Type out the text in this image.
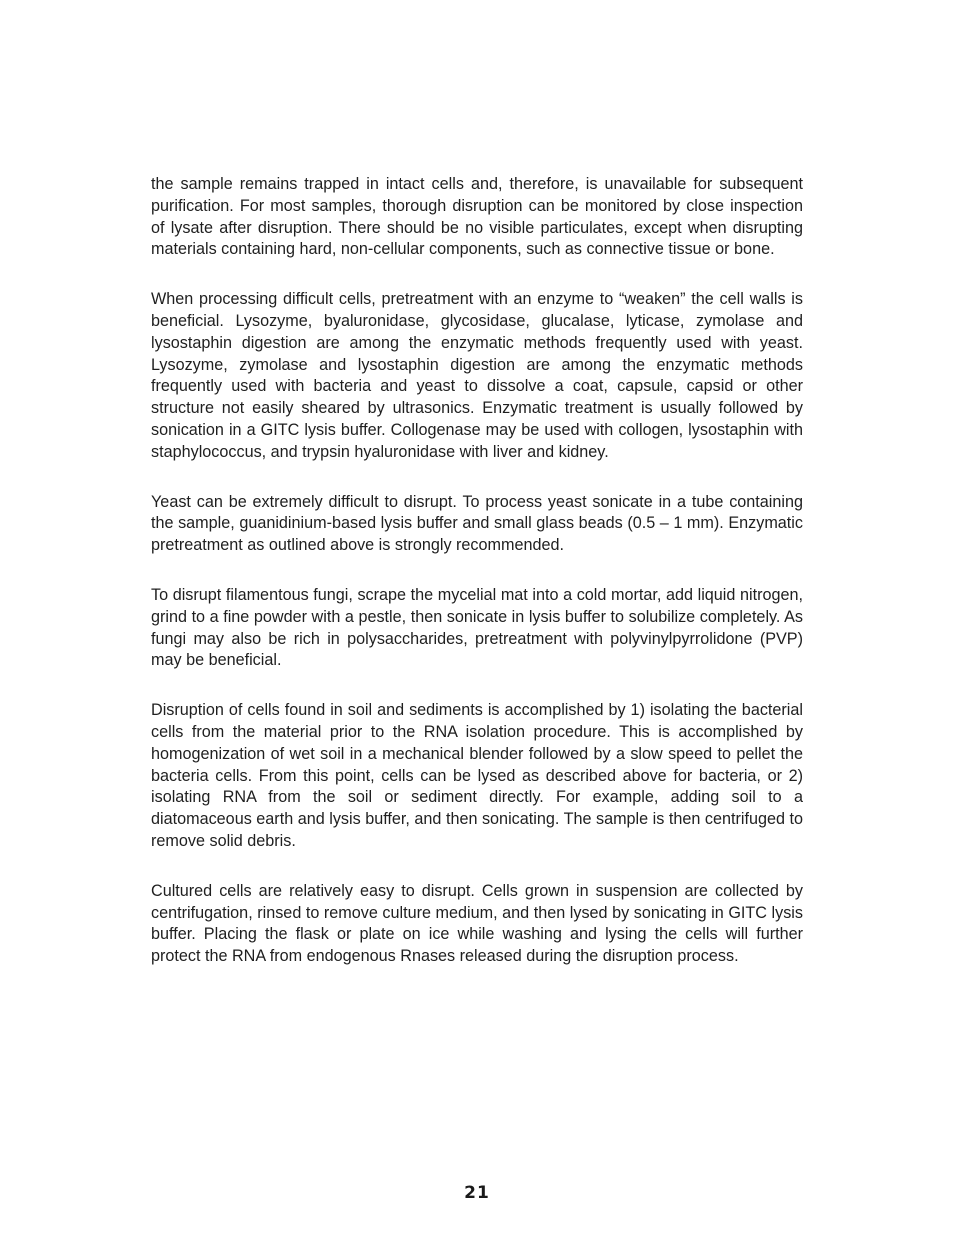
the sample remains trapped in intact cells and, therefore, is unavailable for subsequent purification. For most samples, thorough disruption can be monitored by close inspection of lysate after disruption. There should be no visible particulates, except when disrupting materials containing hard, non-cellular components, such as connective tissue or bone.

When processing difficult cells, pretreatment with an enzyme to “weaken” the cell walls is beneficial. Lysozyme, byaluronidase, glycosidase, glucalase, lyticase, zymolase and lysostaphin digestion are among the enzymatic methods frequently used with yeast. Lysozyme, zymolase and lysostaphin digestion are among the enzymatic methods frequently used with bacteria and yeast to dissolve a coat, capsule, capsid or other structure not easily sheared by ultrasonics. Enzymatic treatment is usually followed by sonication in a GITC lysis buffer. Collogenase may be used with collogen, lysostaphin with staphylococcus, and trypsin hyaluronidase with liver and kidney.

Yeast can be extremely difficult to disrupt. To process yeast sonicate in a tube containing the sample, guanidinium-based lysis buffer and small glass beads (0.5 – 1 mm). Enzymatic pretreatment as outlined above is strongly recommended.

To disrupt filamentous fungi, scrape the mycelial mat into a cold mortar, add liquid nitrogen, grind to a fine powder with a pestle, then sonicate in lysis buffer to solubilize completely. As fungi may also be rich in polysaccharides, pretreatment with polyvinylpyrrolidone (PVP) may be beneficial.

Disruption of cells found in soil and sediments is accomplished by 1) isolating the bacterial cells from the material prior to the RNA isolation procedure. This is accomplished by homogenization of wet soil in a mechanical blender followed by a slow speed to pellet the bacteria cells. From this point, cells can be lysed as described above for bacteria, or 2) isolating RNA from the soil or sediment directly. For example, adding soil to a diatomaceous earth and lysis buffer, and then sonicating. The sample is then centrifuged to remove solid debris.

Cultured cells are relatively easy to disrupt. Cells grown in suspension are collected by centrifugation, rinsed to remove culture medium, and then lysed by sonicating in GITC lysis buffer. Placing the flask or plate on ice while washing and lysing the cells will further protect the RNA from endogenous Rnases released during the disruption process.

21
